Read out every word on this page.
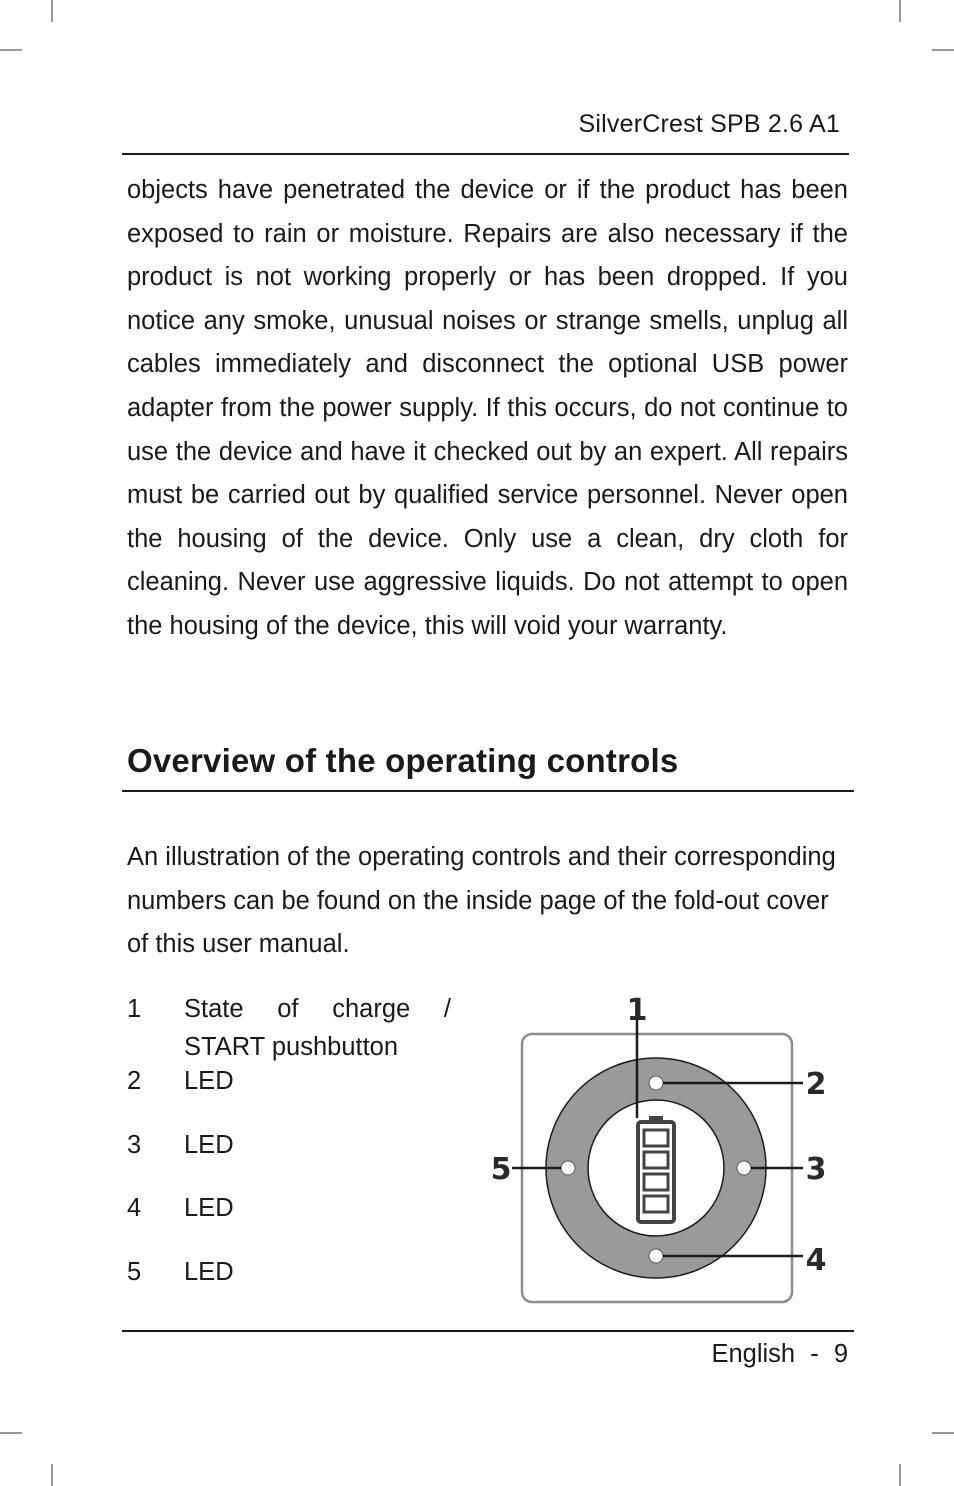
SilverCrest SPB 2.6 A1

objects have penetrated the device or if the product has been exposed to rain or moisture. Repairs are also necessary if the product is not working properly or has been dropped. If you notice any smoke, unusual noises or strange smells, unplug all cables immediately and disconnect the optional USB power adapter from the power supply. If this occurs, do not continue to use the device and have it checked out by an expert. All repairs must be carried out by qualified service personnel. Never open the housing of the device. Only use a clean, dry cloth for cleaning. Never use aggressive liquids. Do not attempt to open the housing of the device, this will void your warranty.

Overview of the operating controls

An illustration of the operating controls and their corresponding numbers can be found on the inside page of the fold-out cover of this user manual.

1 State of charge / START pushbutton
2 LED
3 LED
4 LED
5 LED
1
2
3
4
5
English - 9
